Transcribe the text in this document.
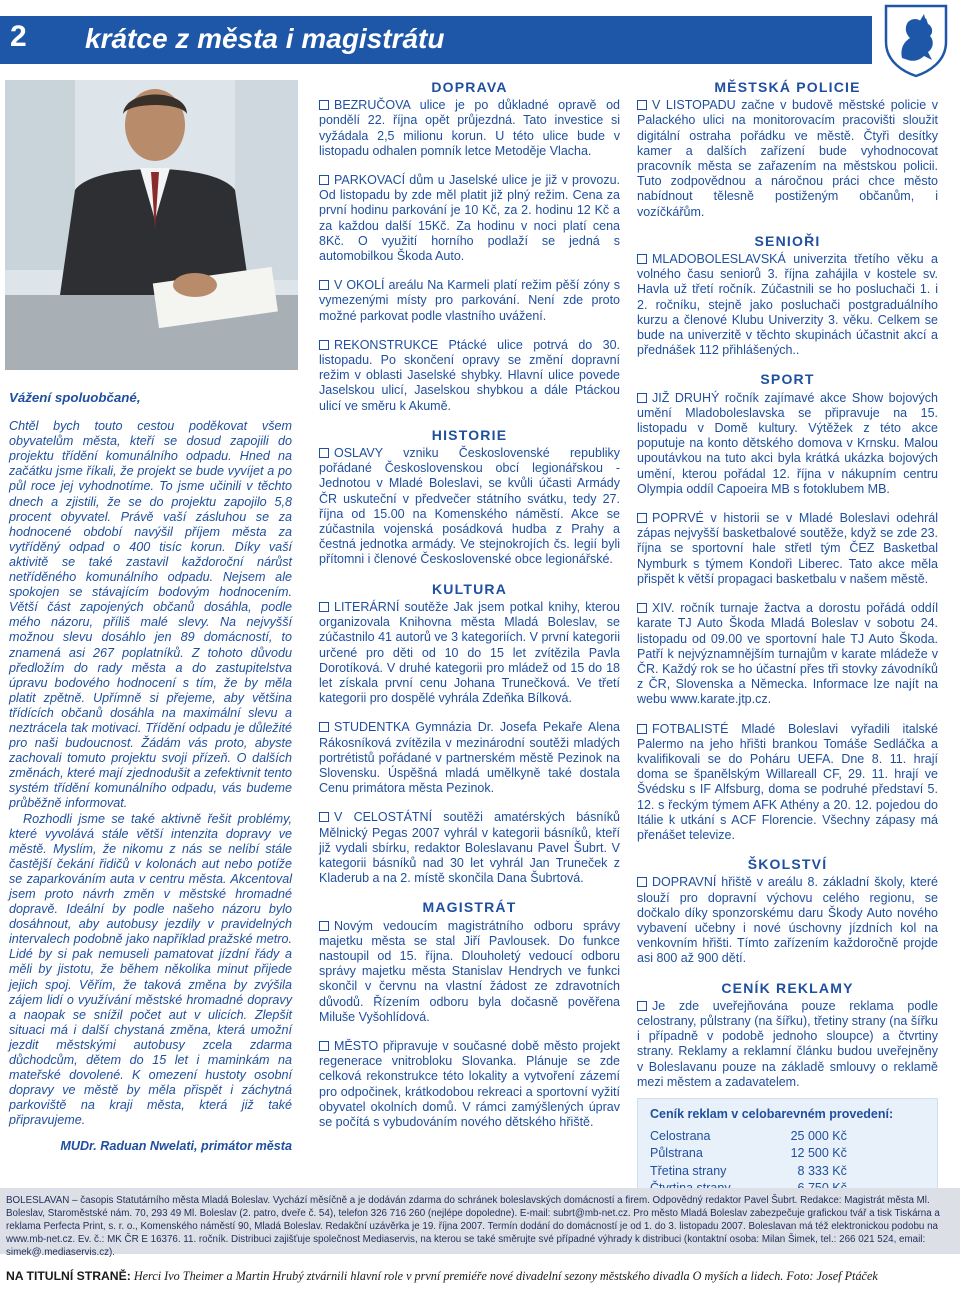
2 krátce z města i magistrátu

Vážení spoluobčané,

Chtěl bych touto cestou poděkovat všem obyvatelům města, kteří se dosud zapojili do projektu třídění komunálního odpadu. Hned na začátku jsme říkali, že projekt se bude vyvíjet a po půl roce jej vyhodnotíme. To jsme učinili v těchto dnech a zjistili, že se do projektu zapojilo 5,8 procent obyvatel. Právě vaší zásluhou se za hodnocené období navýšil příjem města za vytříděný odpad o 400 tisíc korun. Díky vaší aktivitě se také zastavil každoroční nárůst netříděného komunálního odpadu. Nejsem ale spokojen se stávajícím bodovým hodnocením. Větší část zapojených občanů dosáhla, podle mého názoru, příliš malé slevy. Na nejvyšší možnou slevu dosáhlo jen 89 domácností, to znamená asi 267 poplatníků. Z tohoto důvodu předložím do rady města a do zastupitelstva úpravu bodového hodnocení s tím, že by měla platit zpětně. Upřímně si přejeme, aby většina třídících občanů dosáhla na maximální slevu a neztrácela tak motivaci. Třídění odpadu je důležité pro naši budoucnost. Žádám vás proto, abyste zachovali tomuto projektu svoji přízeň. O dalších změnách, které mají zjednodušit a zefektivnit tento systém třídění komunálního odpadu, vás budeme průběžně informovat.

Rozhodli jsme se také aktivně řešit problémy, které vyvolává stále větší intenzita dopravy ve městě. Myslím, že nikomu z nás se nelíbí stále častější čekání řidičů v kolonách aut nebo potíže se zaparkováním auta v centru města. Akcentoval jsem proto návrh změn v městské hromadné dopravě. Ideální by podle našeho názoru bylo dosáhnout, aby autobusy jezdily v pravidelných intervalech podobně jako například pražské metro. Lidé by si pak nemuseli pamatovat jízdní řády a měli by jistotu, že během několika minut přijede jejich spoj. Věřím, že taková změna by zvýšila zájem lidí o využívání městské hromadné dopravy a naopak se snížil počet aut v ulicích. Zlepšit situaci má i další chystaná změna, která umožní jezdit městskými autobusy zcela zdarma důchodcům, dětem do 15 let i maminkám na mateřské dovolené. K omezení hustoty osobní dopravy ve městě by měla přispět i záchytná parkoviště na kraji města, která již také připravujeme.

MUDr. Raduan Nwelati, primátor města

DOPRAVA

BEZRUČOVA ulice je po důkladné opravě od pondělí 22. října opět průjezdná. Tato investice si vyžádala 2,5 milionu korun. U této ulice bude v listopadu odhalen pomník letce Metoděje Vlacha.

PARKOVACÍ dům u Jaselské ulice je již v provozu. Od listopadu by zde měl platit již plný režim. Cena za první hodinu parkování je 10 Kč, za 2. hodinu 12 Kč a za každou další 15Kč. Za hodinu v noci platí cena 8Kč. O využití horního podlaží se jedná s automobilkou Škoda Auto.

V OKOLÍ areálu Na Karmeli platí režim pěší zóny s vymezenými místy pro parkování. Není zde proto možné parkovat podle vlastního uvážení.

REKONSTRUKCE Ptácké ulice potrvá do 30. listopadu. Po skončení opravy se změní dopravní režim v oblasti Jaselské shybky. Hlavní ulice povede Jaselskou ulicí, Jaselskou shybkou a dále Ptáckou ulicí ve směru k Akumě.

HISTORIE

OSLAVY vzniku Československé republiky pořádané Československou obcí legionářskou - Jednotou v Mladé Boleslavi, se kvůli účasti Armády ČR uskuteční v předvečer státního svátku, tedy 27. října od 15.00 na Komenského náměstí. Akce se zúčastnila vojenská posádková hudba z Prahy a čestná jednotka armády. Ve stejnokrojích čs. legií byli přítomni i členové Československé obce legionářské.

KULTURA

LITERÁRNÍ soutěže Jak jsem potkal knihy, kterou organizovala Knihovna města Mladá Boleslav, se zúčastnilo 41 autorů ve 3 kategoriích. V první kategorii určené pro děti od 10 do 15 let zvítězila Pavla Dorotíková. V druhé kategorii pro mládež od 15 do 18 let získala první cenu Johana Trunečková. Ve třetí kategorii pro dospělé vyhrála Zdeňka Bílková.

STUDENTKA Gymnázia Dr. Josefa Pekaře Alena Rákosníková zvítězila v mezinárodní soutěži mladých portrétistů pořádané v partnerském městě Pezinok na Slovensku. Úspěšná mladá umělkyně také dostala Cenu primátora města Pezinok.

V CELOSTÁTNÍ soutěži amatérských básníků Mělnický Pegas 2007 vyhrál v kategorii básníků, kteří již vydali sbírku, redaktor Boleslavanu Pavel Šubrt. V kategorii básníků nad 30 let vyhrál Jan Truneček z Kladerub a na 2. místě skončila Dana Šubrtová.

MAGISTRÁT

Novým vedoucím magistrátního odboru správy majetku města se stal Jiří Pavlousek. Do funkce nastoupil od 15. října. Dlouholetý vedoucí odboru správy majetku města Stanislav Hendrych ve funkci skončil v červnu na vlastní žádost ze zdravotních důvodů. Řízením odboru byla dočasně pověřena Miluše Vyšohlídová.

MĚSTO připravuje v současné době město projekt regenerace vnitrobloku Slovanka. Plánuje se zde celková rekonstrukce této lokality a vytvoření zázemí pro odpočinek, krátkodobou rekreaci a sportovní vyžití obyvatel okolních domů. V rámci zamýšlených úprav se počítá s vybudováním nového dětského hřiště.

MĚSTSKÁ POLICIE

V LISTOPADU začne v budově městské policie v Palackého ulici na monitorovacím pracovišti sloužit digitální ostraha pořádku ve městě. Čtyři desítky kamer a dalších zařízení bude vyhodnocovat pracovník města se zařazením na městskou policii. Tuto zodpovědnou a náročnou práci chce město nabídnout tělesně postiženým občanům, i vozíčkářům.

SENIOŘI

MLADOBOLESLAVSKÁ univerzita třetího věku a volného času seniorů 3. října zahájila v kostele sv. Havla už třetí ročník. Zúčastnili se ho posluchači 1. i 2. ročníku, stejně jako posluchači postgraduálního kurzu a členové Klubu Univerzity 3. věku. Celkem se bude na univerzitě v těchto skupinách účastnit akcí a přednášek 112 přihlášených..

SPORT

JIŽ DRUHÝ ročník zajímavé akce Show bojových umění Mladoboleslavska se připravuje na 15. listopadu v Domě kultury. Výtěžek z této akce poputuje na konto dětského domova v Krnsku. Malou upoutávkou na tuto akci byla krátká ukázka bojových umění, kterou pořádal 12. října v nákupním centru Olympia oddíl Capoeira MB s fotoklubem MB.

POPRVÉ v historii se v Mladé Boleslavi odehrál zápas nejvyšší basketbalové soutěže, když se zde 23. října se sportovní hale střetl tým ČEZ Basketbal Nymburk s týmem Kondoři Liberec. Tato akce měla přispět k větší propagaci basketbalu v našem městě.

XIV. ročník turnaje žactva a dorostu pořádá oddíl karate TJ Auto Škoda Mladá Boleslav v sobotu 24. listopadu od 09.00 ve sportovní hale TJ Auto Škoda. Patří k nejvýznamnějším turnajům v karate mládeže v ČR. Každý rok se ho účastní přes tři stovky závodníků z ČR, Slovenska a Německa. Informace lze najít na webu www.karate.jtp.cz.

FOTBALISTÉ Mladé Boleslavi vyřadili italské Palermo na jeho hřišti brankou Tomáše Sedláčka a kvalifikovali se do Poháru UEFA. Dne 8. 11. hrají doma se španělským Willareall CF, 29. 11. hrají ve Švédsku s IF Alfsburg, doma se podruhé představí 5. 12. s řeckým týmem AFK Athény a 20. 12. pojedou do Itálie k utkání s ACF Florencie. Všechny zápasy má přenášet televize.

ŠKOLSTVÍ

DOPRAVNÍ hřiště v areálu 8. základní školy, které slouží pro dopravní výchovu celého regionu, se dočkalo díky sponzorskému daru Škody Auto nového vybavení učebny i nové úschovny jízdních kol na venkovním hřišti. Tímto zařízením každoročně projde asi 800 až 900 dětí.

CENÍK REKLAMY

Je zde uveřejňována pouze reklama podle celostrany, půlstrany (na šířku), třetiny strany (na šířku i případně v podobě jednoho sloupce) a čtvrtiny strany. Reklamy a reklamní článku budou uveřejněny v Boleslavanu pouze na základě smlouvy o reklamě mezi městem a zadavatelem.

Ceník reklam v celobarevném provedení:
Celostrana	25 000 Kč
Půlstrana	12 500 Kč
Třetina strany	8 333 Kč

BOLESLAVAN – časopis Statutárního města Mladá Boleslav. Vychází měsíčně a je dodáván zdarma do schránek boleslavských domácností a firem. Odpovědný redaktor Pavel Šubrt. Redakce: Magistrát města Ml. Boleslav, Staroměstské nám. 70, 293 49 Ml. Boleslav (2. patro, dveře č. 54), telefon 326 716 260 (nejlépe dopoledne). E-mail: subrt@mb-net.cz. Pro město Mladá Boleslav zabezpečuje grafickou tvář a tisk Tiskárna a reklama Perfecta Print, s. r. o., Komenského náměstí 90, Mladá Boleslav. Redakční uzávěrka je 19. října 2007. Termín dodání do domácností je od 1. do 3. listopadu 2007. Boleslavan má též elektronickou podobu na www.mb-net.cz. Ev. č.: MK ČR E 16376. 11. ročník. Distribuci zajišťuje společnost Mediaservis, na kterou se také směrujte své případné výhrady k distribuci (kontaktní osoba: Milan Šimek, tel.: 266 021 524, email: simek@.mediaservis.cz).
NA TITULNÍ STRANĚ: Herci Ivo Theimer a Martin Hrubý ztvárnili hlavní role v první premiéře nové divadelní sezony městského divadla O myších a lidech. Foto: Josef Ptáček
